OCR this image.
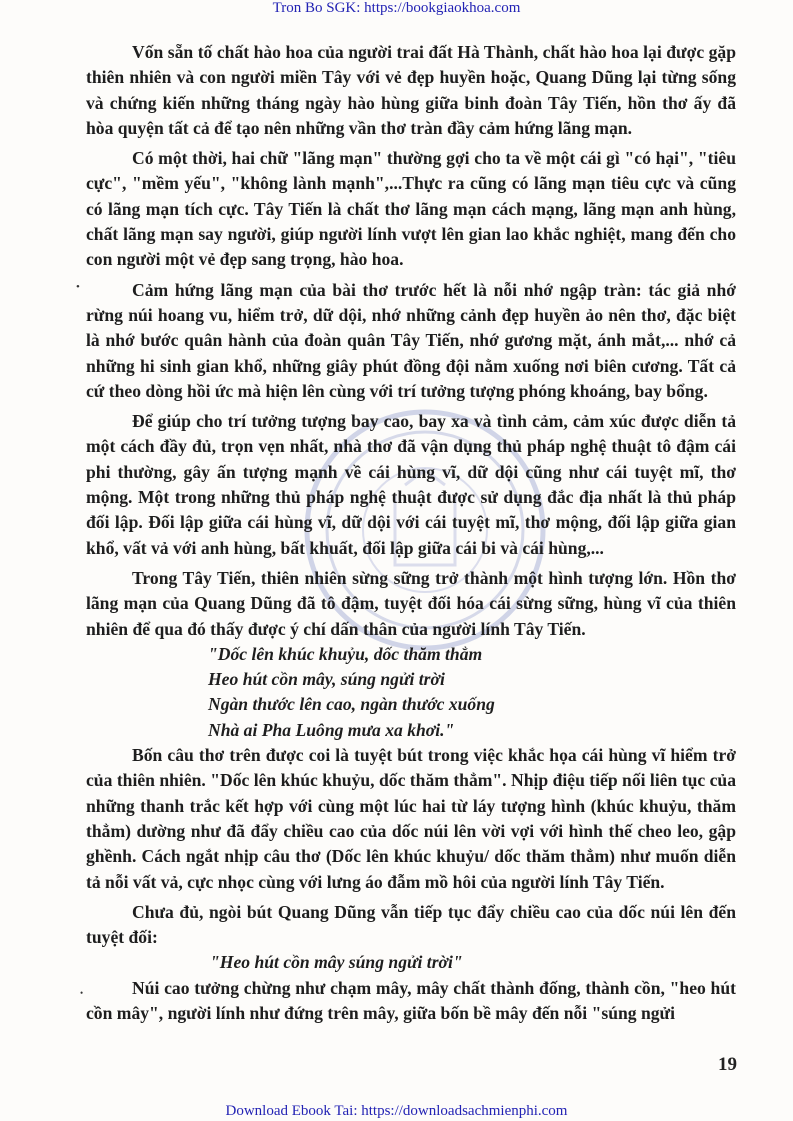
Tron Bo SGK: https://bookgiaokhoa.com
•
•

Vốn sẵn tố chất hào hoa của người trai đất Hà Thành, chất hào hoa lại được gặp thiên nhiên và con người miền Tây với vẻ đẹp huyền hoặc, Quang Dũng lại từng sống và chứng kiến những tháng ngày hào hùng giữa binh đoàn Tây Tiến, hồn thơ ấy đã hòa quyện tất cả để tạo nên những vần thơ tràn đầy cảm hứng lãng mạn.

Có một thời, hai chữ "lãng mạn" thường gợi cho ta về một cái gì "có hại", "tiêu cực", "mềm yếu", "không lành mạnh",...Thực ra cũng có lãng mạn tiêu cực và cũng có lãng mạn tích cực. Tây Tiến là chất thơ lãng mạn cách mạng, lãng mạn anh hùng, chất lãng mạn say người, giúp người lính vượt lên gian lao khắc nghiệt, mang đến cho con người một vẻ đẹp sang trọng, hào hoa.

Cảm hứng lãng mạn của bài thơ trước hết là nỗi nhớ ngập tràn: tác giả nhớ rừng núi hoang vu, hiểm trở, dữ dội, nhớ những cảnh đẹp huyền ảo nên thơ, đặc biệt là nhớ bước quân hành của đoàn quân Tây Tiến, nhớ gương mặt, ánh mắt,... nhớ cả những hi sinh gian khổ, những giây phút đồng đội nằm xuống nơi biên cương. Tất cả cứ theo dòng hồi ức mà hiện lên cùng với trí tưởng tượng phóng khoáng, bay bổng.

Để giúp cho trí tưởng tượng bay cao, bay xa và tình cảm, cảm xúc được diễn tả một cách đầy đủ, trọn vẹn nhất, nhà thơ đã vận dụng thủ pháp nghệ thuật tô đậm cái phi thường, gây ấn tượng mạnh về cái hùng vĩ, dữ dội cũng như cái tuyệt mĩ, thơ mộng. Một trong những thủ pháp nghệ thuật được sử dụng đắc địa nhất là thủ pháp đối lập. Đối lập giữa cái hùng vĩ, dữ dội với cái tuyệt mĩ, thơ mộng, đối lập giữa gian khổ, vất vả với anh hùng, bất khuất, đối lập giữa cái bi và cái hùng,...

Trong Tây Tiến, thiên nhiên sừng sững trở thành một hình tượng lớn. Hồn thơ lãng mạn của Quang Dũng đã tô đậm, tuyệt đối hóa cái sừng sững, hùng vĩ của thiên nhiên để qua đó thấy được ý chí dấn thân của người lính Tây Tiến.

"Dốc lên khúc khuỷu, dốc thăm thẳm
Heo hút cồn mây, súng ngửi trời
Ngàn thước lên cao, ngàn thước xuống
Nhà ai Pha Luông mưa xa khơi."

Bốn câu thơ trên được coi là tuyệt bút trong việc khắc họa cái hùng vĩ hiểm trở của thiên nhiên. "Dốc lên khúc khuỷu, dốc thăm thẳm". Nhịp điệu tiếp nối liên tục của những thanh trắc kết hợp với cùng một lúc hai từ láy tượng hình (khúc khuỷu, thăm thẳm) dường như đã đẩy chiều cao của dốc núi lên vời vợi với hình thế cheo leo, gập ghềnh. Cách ngắt nhịp câu thơ (Dốc lên khúc khuỷu/ dốc thăm thẳm) như muốn diễn tả nỗi vất vả, cực nhọc cùng với lưng áo đẫm mồ hôi của người lính Tây Tiến.

Chưa đủ, ngòi bút Quang Dũng vẫn tiếp tục đẩy chiều cao của dốc núi lên đến tuyệt đối:

"Heo hút cồn mây súng ngửi trời"

Núi cao tưởng chừng như chạm mây, mây chất thành đống, thành cồn, "heo hút cồn mây", người lính như đứng trên mây, giữa bốn bề mây đến nỗi "súng ngửi

19
Download Ebook Tai: https://downloadsachmienphi.com
